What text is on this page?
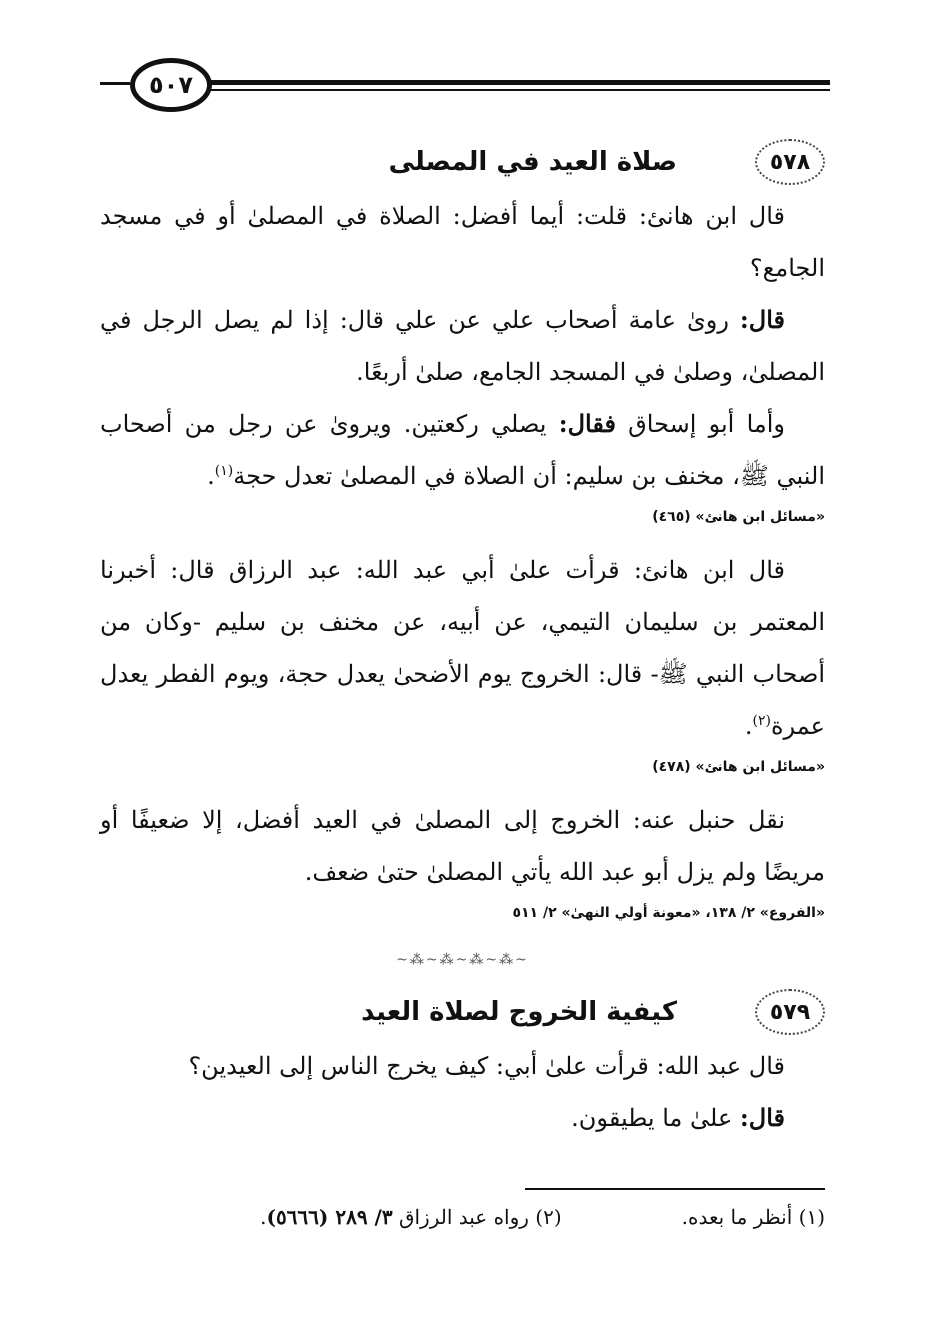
٥٠٧
٥٧٨
صلاة العيد في المصلى

قال ابن هانئ: قلت: أيما أفضل: الصلاة في المصلىٰ أو في مسجد الجامع؟

قال: روىٰ عامة أصحاب علي عن علي قال: إذا لم يصل الرجل في المصلىٰ، وصلىٰ في المسجد الجامع، صلىٰ أربعًا.

وأما أبو إسحاق فقال: يصلي ركعتين. ويروىٰ عن رجل من أصحاب النبي ﷺ، مخنف بن سليم: أن الصلاة في المصلىٰ تعدل حجة$^{(١)}$.

«مسائل ابن هانئ» (٤٦٥)

قال ابن هانئ: قرأت علىٰ أبي عبد الله: عبد الرزاق قال: أخبرنا المعتمر بن سليمان التيمي، عن أبيه، عن مخنف بن سليم -وكان من أصحاب النبي ﷺ- قال: الخروج يوم الأضحىٰ يعدل حجة، ويوم الفطر يعدل عمرة$^{(٢)}$.

«مسائل ابن هانئ» (٤٧٨)

نقل حنبل عنه: الخروج إلى المصلىٰ في العيد أفضل، إلا ضعيفًا أو مريضًا ولم يزل أبو عبد الله يأتي المصلىٰ حتىٰ ضعف.

«الفروع» ٢/ ١٣٨، «معونة أولي النهىٰ» ٢/ ٥١١
~⁂~⁂~⁂~⁂~
٥٧٩
كيفية الخروج لصلاة العيد

قال عبد الله: قرأت علىٰ أبي: كيف يخرج الناس إلى العيدين؟

قال: علىٰ ما يطيقون.

(١) أنظر ما بعده.
(٢) رواه عبد الرزاق ٣/ ٢٨٩ (٥٦٦٦).
